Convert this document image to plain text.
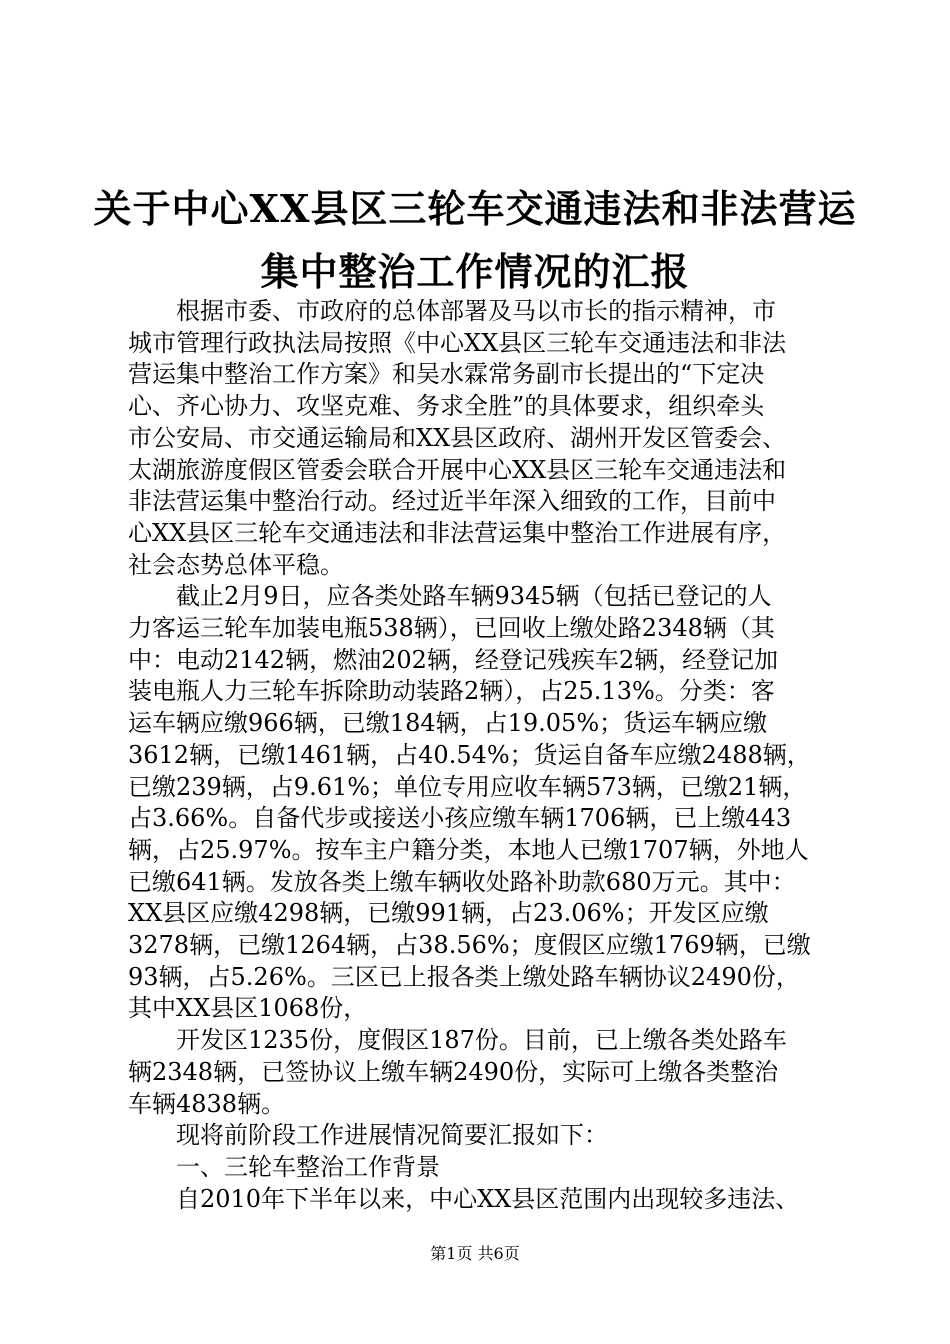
关于中心XX县区三轮车交通违法和非法营运
集中整治工作情况的汇报
　　根据市委、市政府的总体部署及马以市长的指示精神，市
城市管理行政执法局按照《中心XX县区三轮车交通违法和非法
营运集中整治工作方案》和吴水霖常务副市长提出的“下定决
心、齐心协力、攻坚克难、务求全胜”的具体要求，组织牵头
市公安局、市交通运输局和XX县区政府、湖州开发区管委会、
太湖旅游度假区管委会联合开展中心XX县区三轮车交通违法和
非法营运集中整治行动。经过近半年深入细致的工作，目前中
心XX县区三轮车交通违法和非法营运集中整治工作进展有序，
社会态势总体平稳。
　　截止2月9日，应各类处路车辆9345辆（包括已登记的人
力客运三轮车加装电瓶538辆），已回收上缴处路2348辆（其
中：电动2142辆，燃油202辆，经登记残疾车2辆，经登记加
装电瓶人力三轮车拆除助动装路2辆），占25.13%。分类：客
运车辆应缴966辆，已缴184辆，占19.05%；货运车辆应缴
3612辆，已缴1461辆，占40.54%；货运自备车应缴2488辆，
已缴239辆，占9.61%；单位专用应收车辆573辆，已缴21辆，
占3.66%。自备代步或接送小孩应缴车辆1706辆，已上缴443
辆，占25.97%。按车主户籍分类，本地人已缴1707辆，外地人
已缴641辆。发放各类上缴车辆收处路补助款680万元。其中：
XX县区应缴4298辆，已缴991辆，占23.06%；开发区应缴
3278辆，已缴1264辆，占38.56%；度假区应缴1769辆，已缴
93辆，占5.26%。三区已上报各类上缴处路车辆协议2490份，
其中XX县区1068份，
　　开发区1235份，度假区187份。目前，已上缴各类处路车
辆2348辆，已签协议上缴车辆2490份，实际可上缴各类整治
车辆4838辆。
　　现将前阶段工作进展情况简要汇报如下：
　　一、三轮车整治工作背景
　　自2010年下半年以来，中心XX县区范围内出现较多违法、
第1页 共6页
